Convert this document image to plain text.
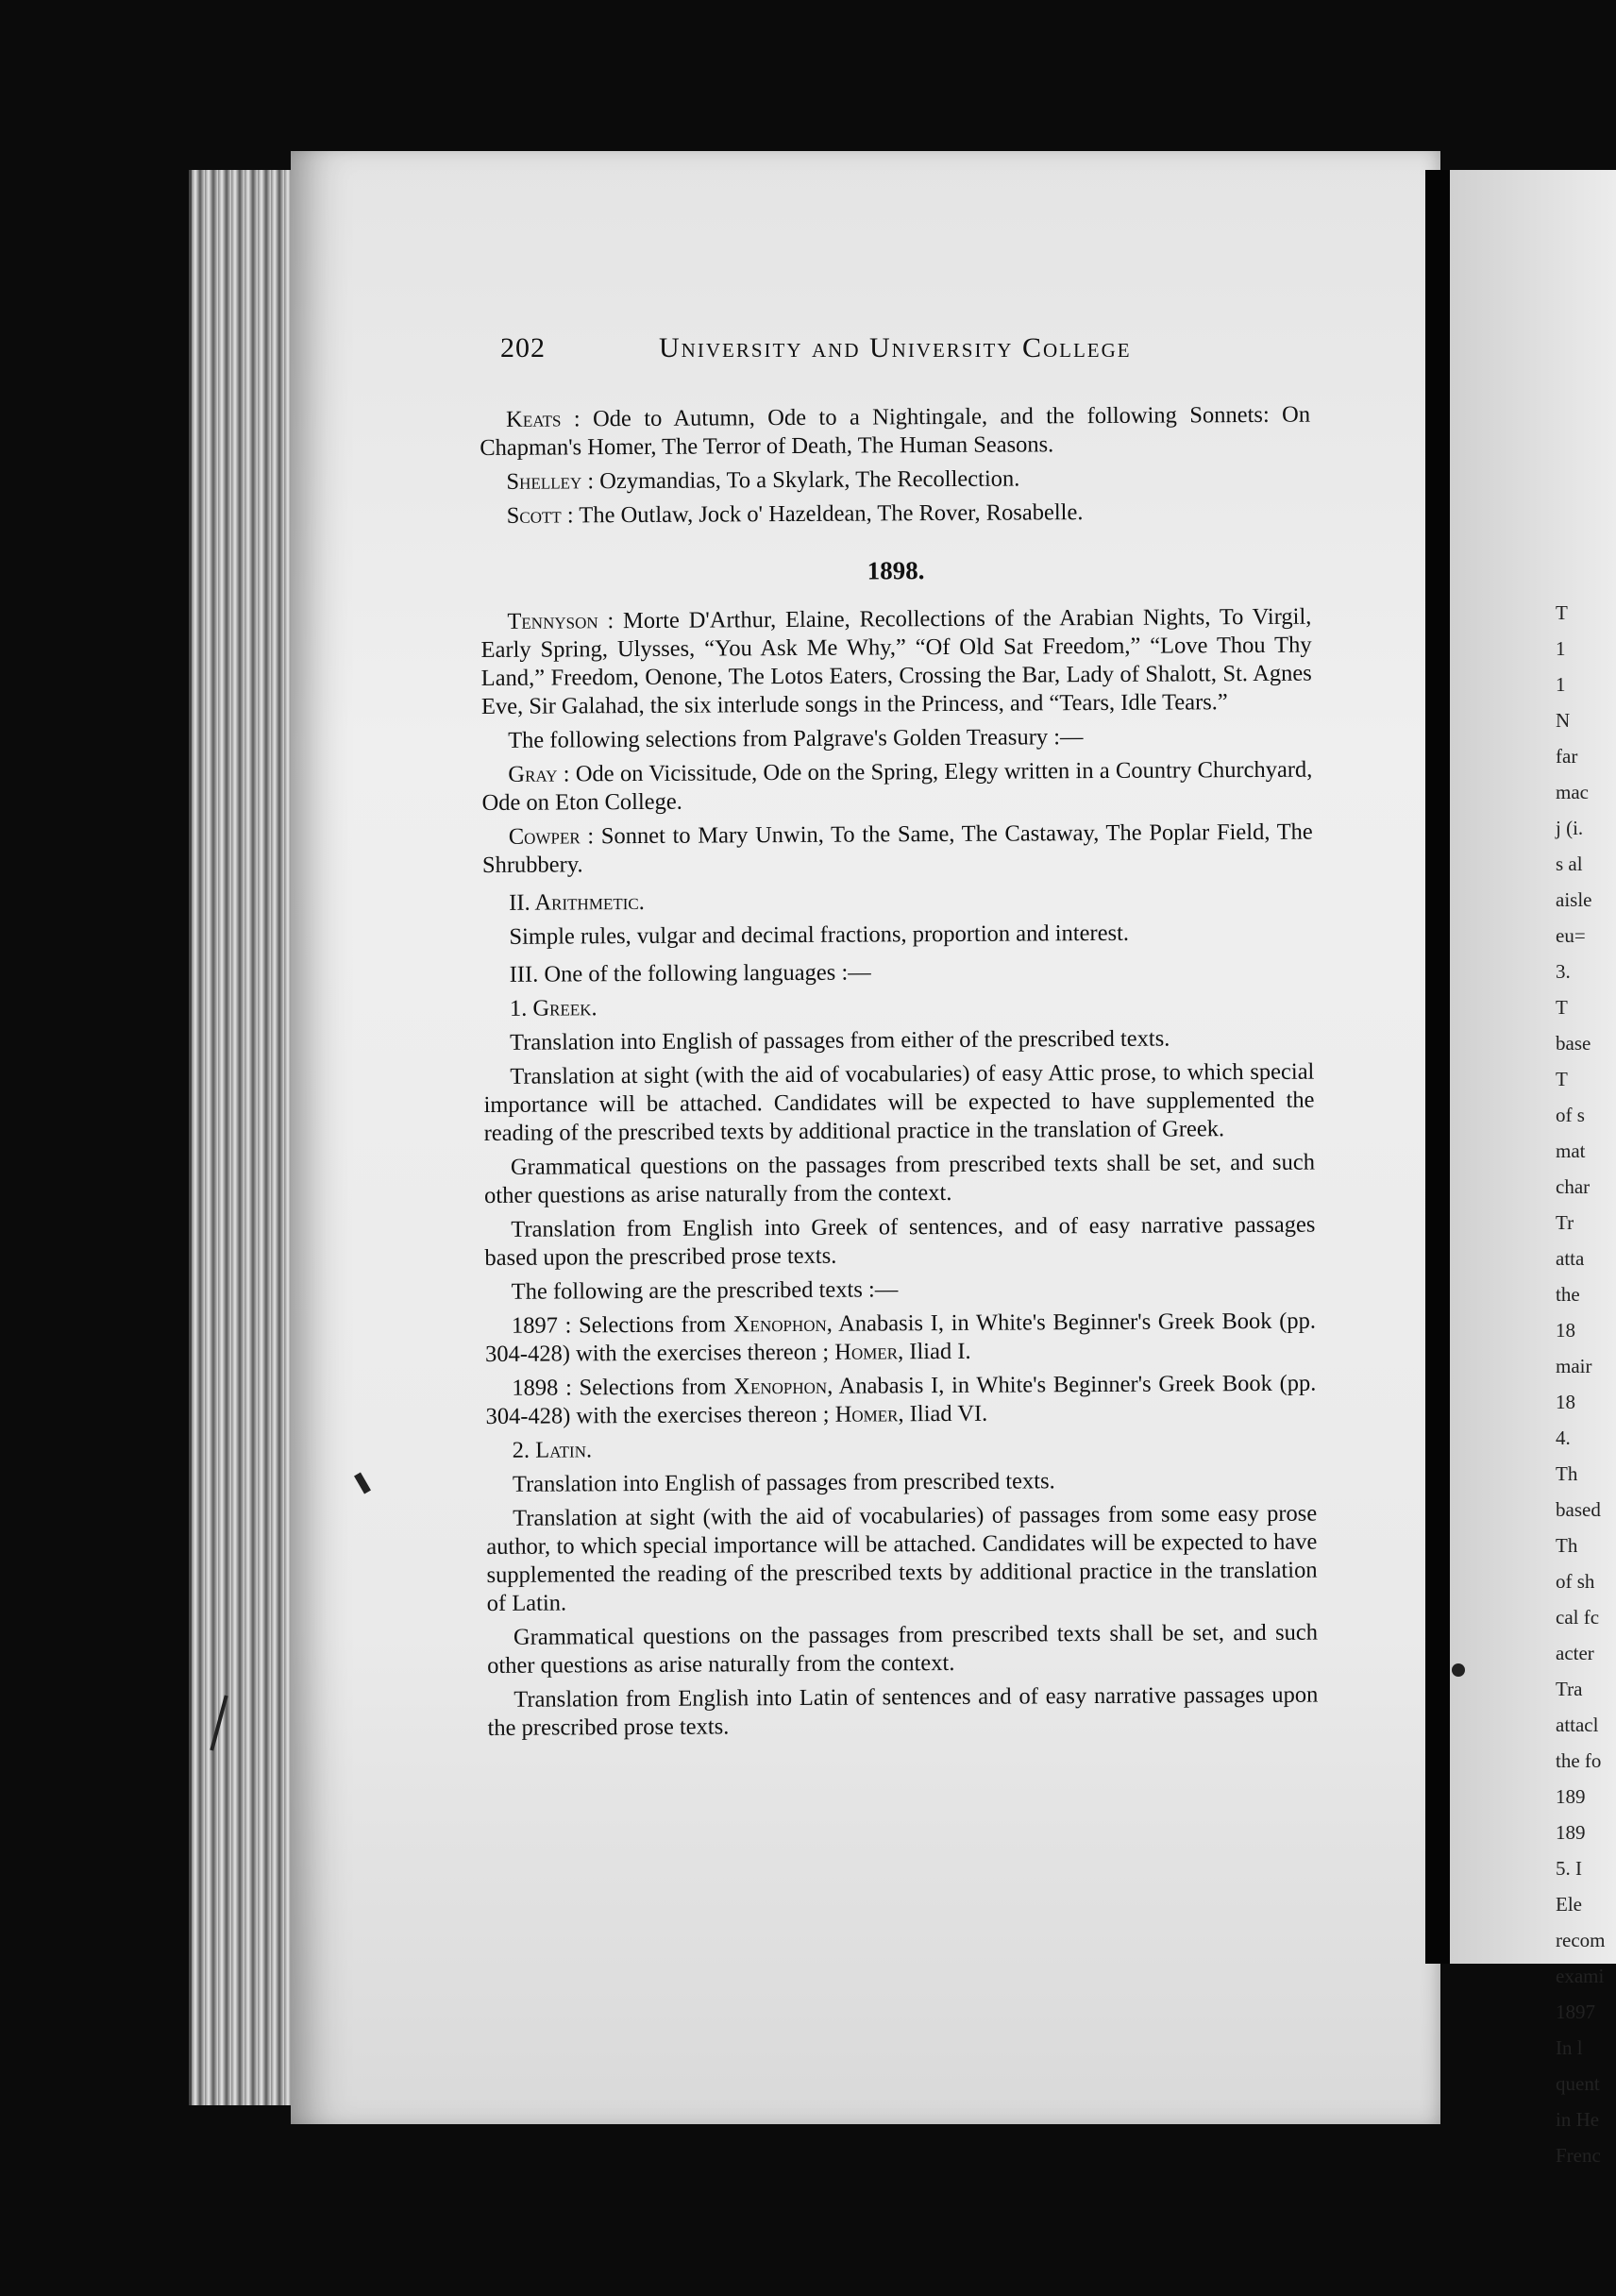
T
1
1
N
far
mac
j (i.
s al
aisle
eu=
3.
T
base
T
of s
mat
char
Tr
atta
the
18
mair
18
4.
Th
based
Th
of sh
cal fc
acter
Tra
attacl
the fo
189
189
5. I
Ele
recom
exami
1897
In l
quent
in He
Frenc
202	University and University College

Keats : Ode to Autumn, Ode to a Nightingale, and the following Sonnets: On Chapman's Homer, The Terror of Death, The Human Seasons.

Shelley : Ozymandias, To a Skylark, The Recollection.

Scott : The Outlaw, Jock o' Hazeldean, The Rover, Rosabelle.

1898.

Tennyson : Morte D'Arthur, Elaine, Recollections of the Arabian Nights, To Virgil, Early Spring, Ulysses, “You Ask Me Why,” “Of Old Sat Freedom,” “Love Thou Thy Land,” Freedom, Oenone, The Lotos Eaters, Crossing the Bar, Lady of Shalott, St. Agnes Eve, Sir Galahad, the six interlude songs in the Princess, and “Tears, Idle Tears.”

The following selections from Palgrave's Golden Treasury :—

Gray : Ode on Vicissitude, Ode on the Spring, Elegy written in a Country Churchyard, Ode on Eton College.

Cowper : Sonnet to Mary Unwin, To the Same, The Castaway, The Poplar Field, The Shrubbery.

II. Arithmetic.

Simple rules, vulgar and decimal fractions, proportion and interest.

III. One of the following languages :—

1. Greek.

Translation into English of passages from either of the prescribed texts.

Translation at sight (with the aid of vocabularies) of easy Attic prose, to which special importance will be attached. Candidates will be expected to have supplemented the reading of the prescribed texts by additional practice in the translation of Greek.

Grammatical questions on the passages from prescribed texts shall be set, and such other questions as arise naturally from the context.

Translation from English into Greek of sentences, and of easy narrative passages based upon the prescribed prose texts.

The following are the prescribed texts :—

1897 : Selections from Xenophon, Anabasis I, in White's Beginner's Greek Book (pp. 304-428) with the exercises thereon ; Homer, Iliad I.

1898 : Selections from Xenophon, Anabasis I, in White's Beginner's Greek Book (pp. 304-428) with the exercises thereon ; Homer, Iliad VI.

2. Latin.

Translation into English of passages from prescribed texts.

Translation at sight (with the aid of vocabularies) of passages from some easy prose author, to which special importance will be attached. Candidates will be expected to have supplemented the reading of the prescribed texts by additional practice in the translation of Latin.

Grammatical questions on the passages from prescribed texts shall be set, and such other questions as arise naturally from the context.

Translation from English into Latin of sentences and of easy narrative passages upon the prescribed prose texts.
